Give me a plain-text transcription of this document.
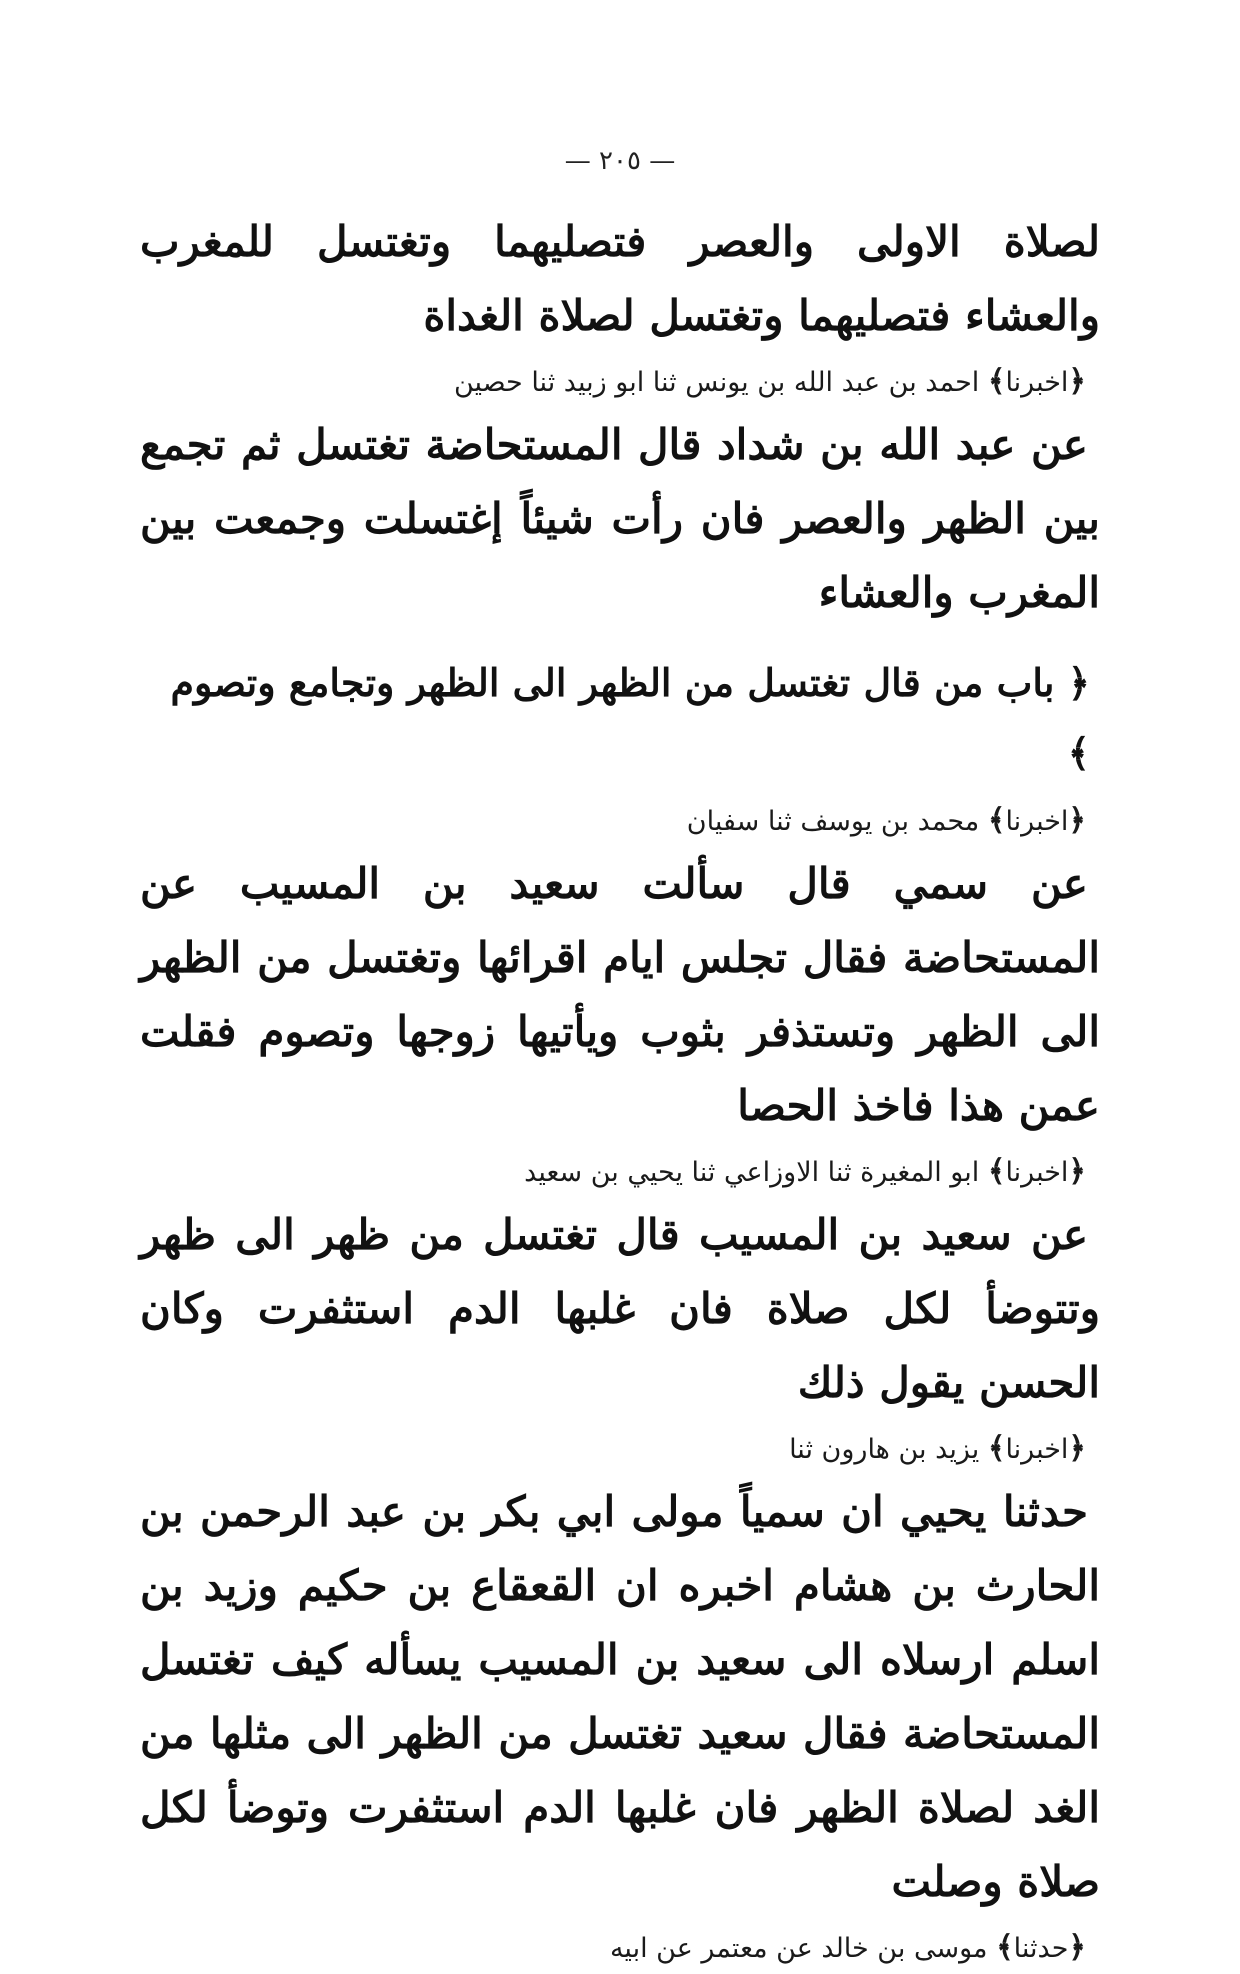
— ٢٠٥ —

لصلاة الاولى والعصر فتصليهما وتغتسل للمغرب والعشاء فتصليهما وتغتسل لصلاة الغداة

﴿اخبرنا﴾ احمد بن عبد الله بن يونس ثنا ابو زبيد ثنا حصين

عن عبد الله بن شداد قال المستحاضة تغتسل ثم تجمع بين الظهر والعصر فان رأت شيئاً إغتسلت وجمعت بين المغرب والعشاء

﴿ باب من قال تغتسل من الظهر الى الظهر وتجامع وتصوم ﴾

﴿اخبرنا﴾ محمد بن يوسف ثنا سفيان

عن سمي قال سألت سعيد بن المسيب عن المستحاضة فقال تجلس ايام اقرائها وتغتسل من الظهر الى الظهر وتستذفر بثوب ويأتيها زوجها وتصوم فقلت عمن هذا فاخذ الحصا

﴿اخبرنا﴾ ابو المغيرة ثنا الاوزاعي ثنا يحيي بن سعيد

عن سعيد بن المسيب قال تغتسل من ظهر الى ظهر وتتوضأ لكل صلاة فان غلبها الدم استثفرت وكان الحسن يقول ذلك

﴿اخبرنا﴾ يزيد بن هارون ثنا

حدثنا يحيي ان سمياً مولى ابي بكر بن عبد الرحمن بن الحارث بن هشام اخبره ان القعقاع بن حكيم وزيد بن اسلم ارسلاه الى سعيد بن المسيب يسأله كيف تغتسل المستحاضة فقال سعيد تغتسل من الظهر الى مثلها من الغد لصلاة الظهر فان غلبها الدم استثفرت وتوضأ لكل صلاة وصلت

﴿حدثنا﴾ موسى بن خالد عن معتمر عن ابيه
